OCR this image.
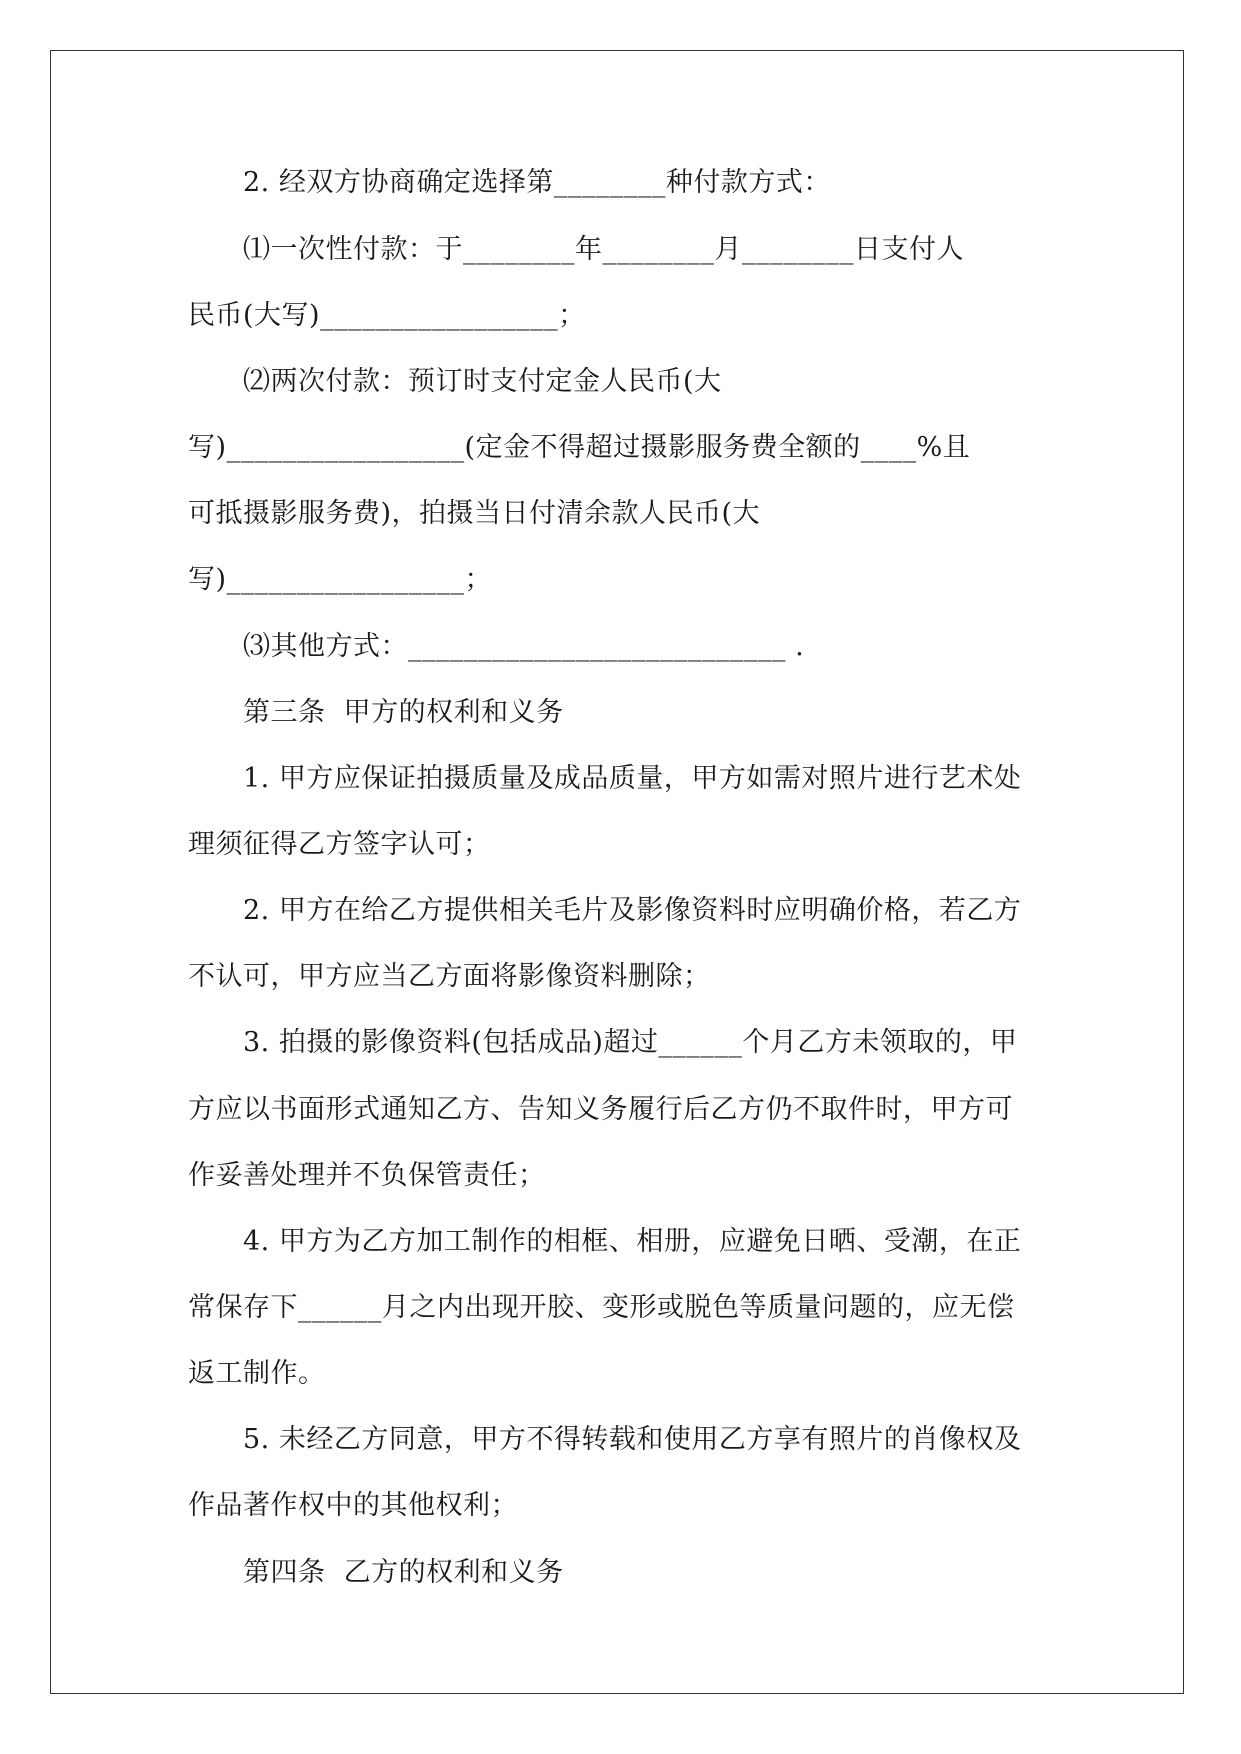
2. 经双方协商确定选择第________种付款方式：
⑴一次性付款：于________年________月________日支付人
民币(大写)_________________；
⑵两次付款：预订时支付定金人民币(大
写)_________________(定金不得超过摄影服务费全额的____%且
可抵摄影服务费)，拍摄当日付清余款人民币(大
写)_________________；
⑶其他方式：___________________________ .
第三条  甲方的权利和义务
1. 甲方应保证拍摄质量及成品质量，甲方如需对照片进行艺术处
理须征得乙方签字认可；
2. 甲方在给乙方提供相关毛片及影像资料时应明确价格，若乙方
不认可，甲方应当乙方面将影像资料删除；
3. 拍摄的影像资料(包括成品)超过______个月乙方未领取的，甲
方应以书面形式通知乙方、告知义务履行后乙方仍不取件时，甲方可
作妥善处理并不负保管责任；
4. 甲方为乙方加工制作的相框、相册，应避免日晒、受潮，在正
常保存下______月之内出现开胶、变形或脱色等质量问题的，应无偿
返工制作。
5. 未经乙方同意，甲方不得转载和使用乙方享有照片的肖像权及
作品著作权中的其他权利；
第四条  乙方的权利和义务
